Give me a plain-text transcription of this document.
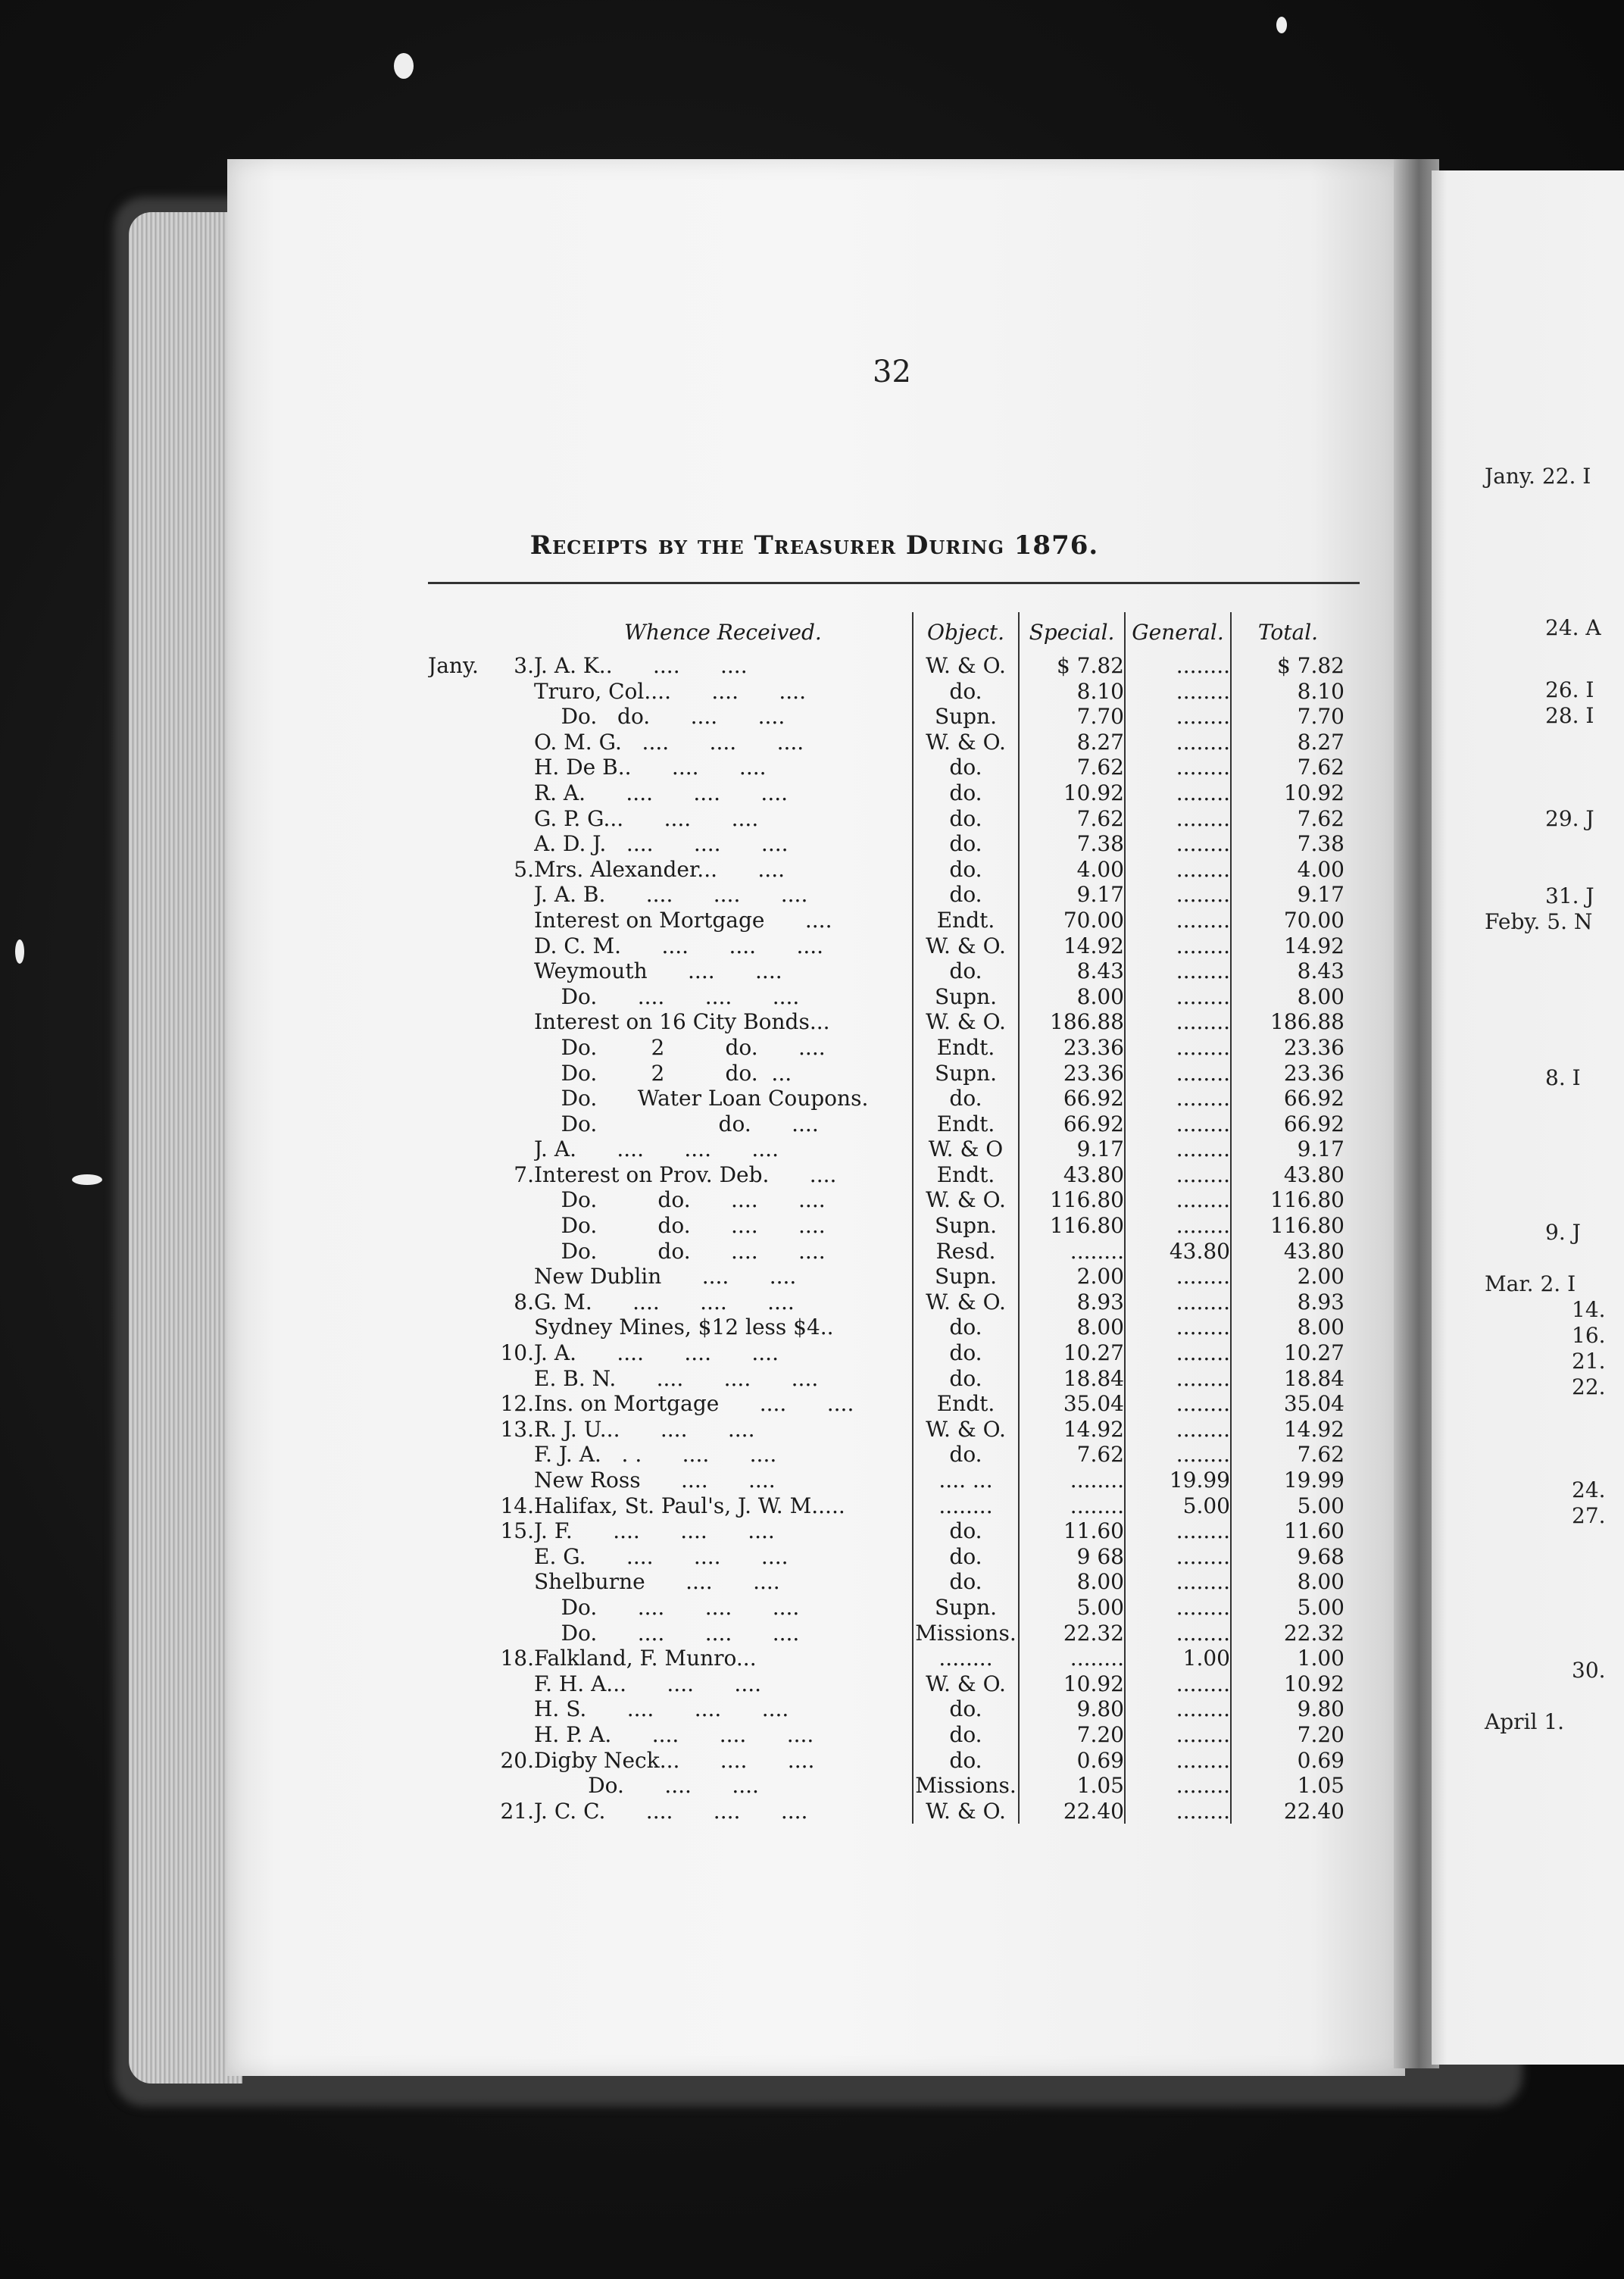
Jany. 22. I
24. A
26. I
28. I
29. J
31. J
Feby. 5. N
8. I
9. J
Mar. 2. I
14.
16.
21.
22.
24.
27.
30.
April 1.
32
Receipts by the Treasurer During 1876.
		Whence Received.	Object.	Special.	General.	Total.
Jany.	3.	J. A. K..      ....      ....	W. & O.	$ 7.82	........	$ 7.82
		Truro, Col....      ....      ....	do.	8.10	........	8.10
		Do.   do.      ....      ....	Supn.	7.70	........	7.70
		O. M. G.   ....      ....      ....	W. & O.	8.27	........	8.27
		H. De B..      ....      ....	do.	7.62	........	7.62
		R. A.      ....      ....      ....	do.	10.92	........	10.92
		G. P. G...      ....      ....	do.	7.62	........	7.62
		A. D. J.   ....      ....      ....	do.	7.38	........	7.38
	5.	Mrs. Alexander...      ....	do.	4.00	........	4.00
		J. A. B.      ....      ....      ....	do.	9.17	........	9.17
		Interest on Mortgage      ....	Endt.	70.00	........	70.00
		D. C. M.      ....      ....      ....	W. & O.	14.92	........	14.92
		Weymouth      ....      ....	do.	8.43	........	8.43
		Do.      ....      ....      ....	Supn.	8.00	........	8.00
		Interest on 16 City Bonds...	W. & O.	186.88	........	186.88
		Do.        2         do.      ....	Endt.	23.36	........	23.36
		Do.        2         do.  ...	Supn.	23.36	........	23.36
		Do.      Water Loan Coupons.	do.	66.92	........	66.92
		Do.                  do.      ....	Endt.	66.92	........	66.92
		J. A.      ....      ....      ....	W. & O	9.17	........	9.17
	7.	Interest on Prov. Deb.      ....	Endt.	43.80	........	43.80
		Do.         do.      ....      ....	W. & O.	116.80	........	116.80
		Do.         do.      ....      ....	Supn.	116.80	........	116.80
		Do.         do.      ....      ....	Resd.	........	43.80	43.80
		New Dublin      ....      ....	Supn.	2.00	........	2.00
	8.	G. M.      ....      ....      ....	W. & O.	8.93	........	8.93
		Sydney Mines, $12 less $4..	do.	8.00	........	8.00
	10.	J. A.      ....      ....      ....	do.	10.27	........	10.27
		E. B. N.      ....      ....      ....	do.	18.84	........	18.84
	12.	Ins. on Mortgage      ....      ....	Endt.	35.04	........	35.04
	13.	R. J. U...      ....      ....	W. & O.	14.92	........	14.92
		F. J. A.   . .      ....      ....	do.	7.62	........	7.62
		New Ross      ....      ....	.... ...	........	19.99	19.99
	14.	Halifax, St. Paul's, J. W. M.....	........	........	5.00	5.00
	15.	J. F.      ....      ....      ....	do.	11.60	........	11.60
		E. G.      ....      ....      ....	do.	9 68	........	9.68
		Shelburne      ....      ....	do.	8.00	........	8.00
		Do.      ....      ....      ....	Supn.	5.00	........	5.00
		Do.      ....      ....      ....	Missions.	22.32	........	22.32
	18.	Falkland, F. Munro...	........	........	1.00	1.00
		F. H. A...      ....      ....	W. & O.	10.92	........	10.92
		H. S.      ....      ....      ....	do.	9.80	........	9.80
		H. P. A.      ....      ....      ....	do.	7.20	........	7.20
	20.	Digby Neck...      ....      ....	do.	0.69	........	0.69
		Do.      ....      ....	Missions.	1.05	........	1.05
	21.	J. C. C.      ....      ....      ....	W. & O.	22.40	........	22.40
